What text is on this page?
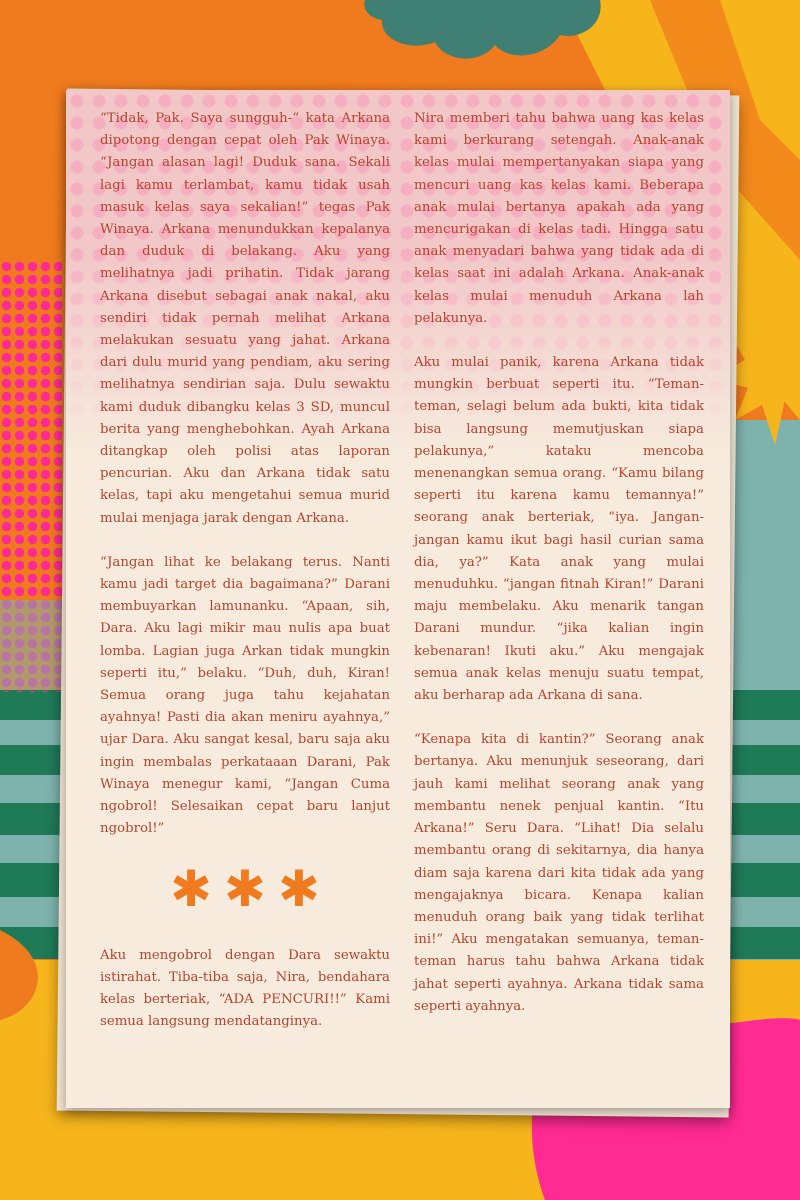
“Tidak, Pak. Saya sungguh-“ kata Arkana dipotong dengan cepat oleh Pak Winaya. “Jangan alasan lagi! Duduk sana. Sekali lagi kamu terlambat, kamu tidak usah masuk kelas saya sekalian!” tegas Pak Winaya. Arkana menundukkan kepalanya dan duduk di belakang. Aku yang melihatnya jadi prihatin. Tidak jarang Arkana disebut sebagai anak nakal, aku sendiri tidak pernah melihat Arkana melakukan sesuatu yang jahat. Arkana dari dulu murid yang pendiam, aku sering melihatnya sendirian saja. Dulu sewaktu kami duduk dibangku kelas 3 SD, muncul berita yang menghebohkan. Ayah Arkana ditangkap oleh polisi atas laporan pencurian. Aku dan Arkana tidak satu kelas, tapi aku mengetahui semua murid mulai menjaga jarak dengan Arkana.

“Jangan lihat ke belakang terus. Nanti kamu jadi target dia bagaimana?” Darani membuyarkan lamunanku. “Apaan, sih, Dara. Aku lagi mikir mau nulis apa buat lomba. Lagian juga Arkan tidak mungkin seperti itu,” belaku. “Duh, duh, Kiran! Semua orang juga tahu kejahatan ayahnya! Pasti dia akan meniru ayahnya,” ujar Dara. Aku sangat kesal, baru saja aku ingin membalas perkataaan Darani, Pak Winaya menegur kami, “Jangan Cuma ngobrol! Selesaikan cepat baru lanjut ngobrol!”

✱ ✱ ✱

Aku mengobrol dengan Dara sewaktu istirahat. Tiba-tiba saja, Nira, bendahara kelas berteriak, “ADA PENCURI!!” Kami semua langsung mendatanginya.

Nira memberi tahu bahwa uang kas kelas kami berkurang setengah. Anak-anak kelas mulai mempertanyakan siapa yang mencuri uang kas kelas kami. Beberapa anak mulai bertanya apakah ada yang mencurigakan di kelas tadi. Hingga satu anak menyadari bahwa yang tidak ada di kelas saat ini adalah Arkana. Anak-anak kelas mulai menuduh Arkana lah pelakunya.

Aku mulai panik, karena Arkana tidak mungkin berbuat seperti itu. “Teman-teman, selagi belum ada bukti, kita tidak bisa langsung memutjuskan siapa pelakunya,” kataku mencoba menenangkan semua orang. “Kamu bilang seperti itu karena kamu temannya!” seorang anak berteriak, “iya. Jangan-jangan kamu ikut bagi hasil curian sama dia, ya?” Kata anak yang mulai menuduhku. “jangan fitnah Kiran!” Darani maju membelaku. Aku menarik tangan Darani mundur. “jika kalian ingin kebenaran! Ikuti aku.” Aku mengajak semua anak kelas menuju suatu tempat, aku berharap ada Arkana di sana.

“Kenapa kita di kantin?” Seorang anak bertanya. Aku menunjuk seseorang, dari jauh kami melihat seorang anak yang membantu nenek penjual kantin. “Itu Arkana!” Seru Dara. “Lihat! Dia selalu membantu orang di sekitarnya, dia hanya diam saja karena dari kita tidak ada yang mengajaknya bicara. Kenapa kalian menuduh orang baik yang tidak terlihat ini!” Aku mengatakan semuanya, teman-teman harus tahu bahwa Arkana tidak jahat seperti ayahnya. Arkana tidak sama seperti ayahnya.
